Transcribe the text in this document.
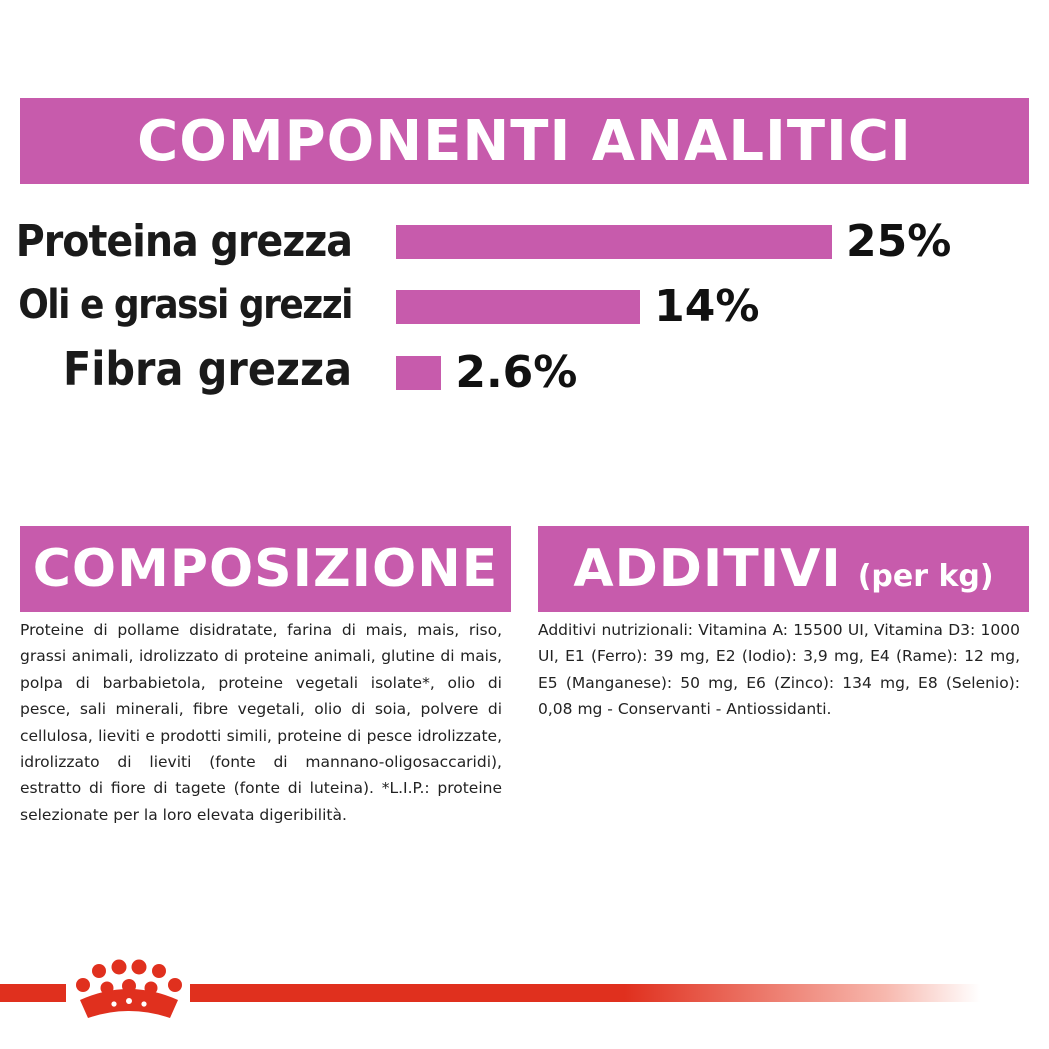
COMPONENTI ANALITICI
Proteina grezza	25%
Oli e grassi grezzi	14%
Fibra grezza 2.6%
COMPOSIZIONE
Proteine di pollame disidratate, farina di mais, mais, riso, grassi animali, idrolizzato di proteine animali, glutine di mais, polpa di barbabietola, proteine vegetali isolate*, olio di pesce, sali minerali, fibre vegetali, olio di soia, polvere di cellulosa, lieviti e prodotti simili, proteine di pesce idrolizzate, idrolizzato di lieviti (fonte di mannano-oligosaccaridi), estratto di fiore di tagete (fonte di luteina). *L.I.P.: proteine selezionate per la loro elevata digeribilità.
ADDITIVI (per kg)
Additivi nutrizionali: Vitamina A: 15500 UI, Vitamina D3: 1000 UI, E1 (Ferro): 39 mg, E2 (Iodio): 3,9 mg, E4 (Rame): 12 mg, E5 (Manganese): 50 mg, E6 (Zinco): 134 mg, E8 (Selenio): 0,08 mg - Conservanti - Antiossidanti.
